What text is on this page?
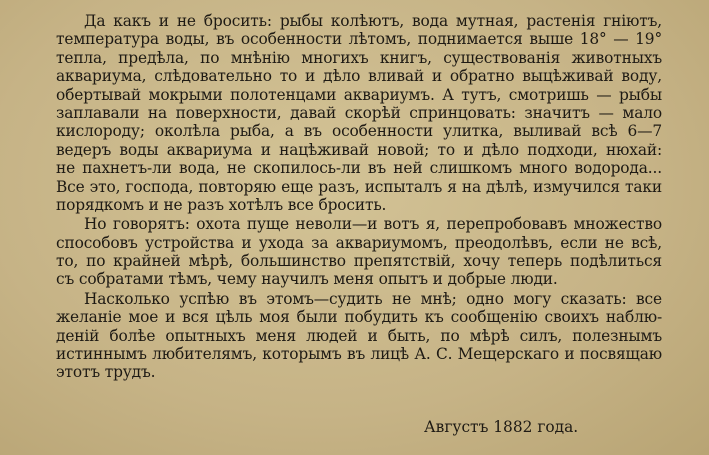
Да какъ и не бросить: рыбы колѣютъ, вода мутная, растенія гніютъ,
температура воды, въ особенности лѣтомъ, поднимается выше 18° — 19°
тепла, предѣла, по мнѣнію многихъ книгъ, существованія животныхъ
аквариума, слѣдовательно то и дѣло вливай и обратно выцѣживай воду,
обертывай мокрыми полотенцами аквариумъ. А тутъ, смотришь — рыбы
заплавали на поверхности, давай скорѣй спринцовать: значитъ — мало
кислороду; околѣла рыба, а въ особенности улитка, выливай всѣ 6—7
ведеръ воды аквариума и нацѣживай новой; то и дѣло подходи, нюхай:
не пахнетъ-ли вода, не скопилось-ли въ ней слишкомъ много водорода...
Все это, господа, повторяю еще разъ, испыталъ я на дѣлѣ, измучился таки
порядкомъ и не разъ хотѣлъ все бросить.
Но говорятъ: охота пуще неволи—и вотъ я, перепробовавъ множество
способовъ устройства и ухода за аквариумомъ, преодолѣвъ, если не всѣ,
то, по крайней мѣрѣ, большинство препятствій, хочу теперь подѣлиться
съ собратами тѣмъ, чему научилъ меня опытъ и добрые люди.
Насколько успѣю въ этомъ—судить не мнѣ; одно могу сказать: все
желаніе мое и вся цѣль моя были побудить къ сообщенію своихъ наблю-
деній болѣе опытныхъ меня людей и быть, по мѣрѣ силъ, полезнымъ
истиннымъ любителямъ, которымъ въ лицѣ А. С. Мещерскаго и посвящаю
этотъ трудъ.
Августъ 1882 года.
